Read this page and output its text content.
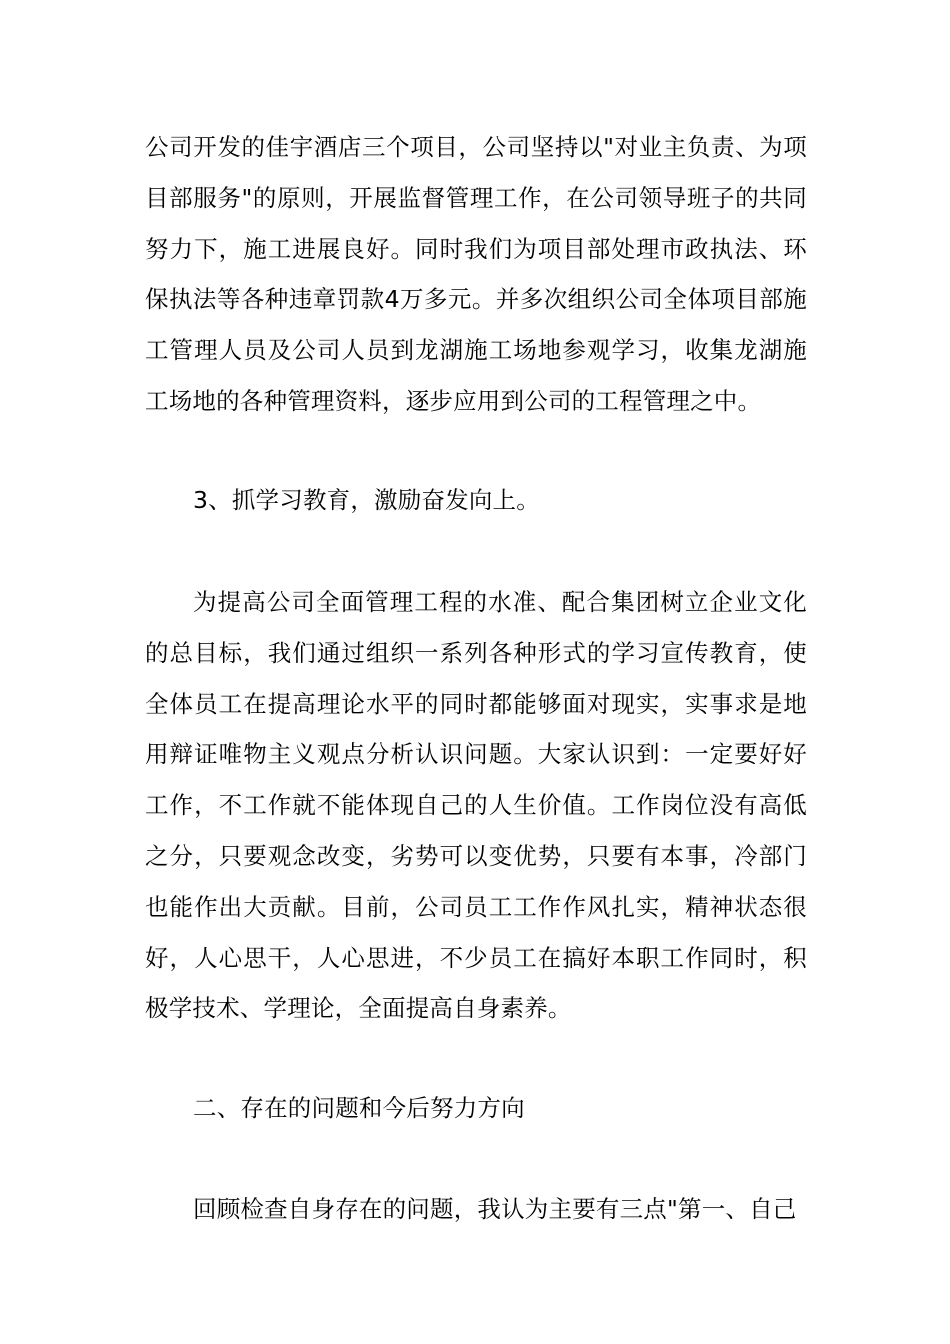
公司开发的佳宇酒店三个项目，公司坚持以"对业主负责、为项目部服务"的原则，开展监督管理工作，在公司领导班子的共同努力下，施工进展良好。同时我们为项目部处理市政执法、环保执法等各种违章罚款4万多元。并多次组织公司全体项目部施工管理人员及公司人员到龙湖施工场地参观学习，收集龙湖施工场地的各种管理资料，逐步应用到公司的工程管理之中。

3、抓学习教育，激励奋发向上。

为提高公司全面管理工程的水准、配合集团树立企业文化的总目标，我们通过组织一系列各种形式的学习宣传教育，使全体员工在提高理论水平的同时都能够面对现实，实事求是地用辩证唯物主义观点分析认识问题。大家认识到：一定要好好工作，不工作就不能体现自己的人生价值。工作岗位没有高低之分，只要观念改变，劣势可以变优势，只要有本事，冷部门也能作出大贡献。目前，公司员工工作作风扎实，精神状态很好，人心思干，人心思进，不少员工在搞好本职工作同时，积极学技术、学理论，全面提高自身素养。

二、存在的问题和今后努力方向

回顾检查自身存在的问题，我认为主要有三点"第一、自己
